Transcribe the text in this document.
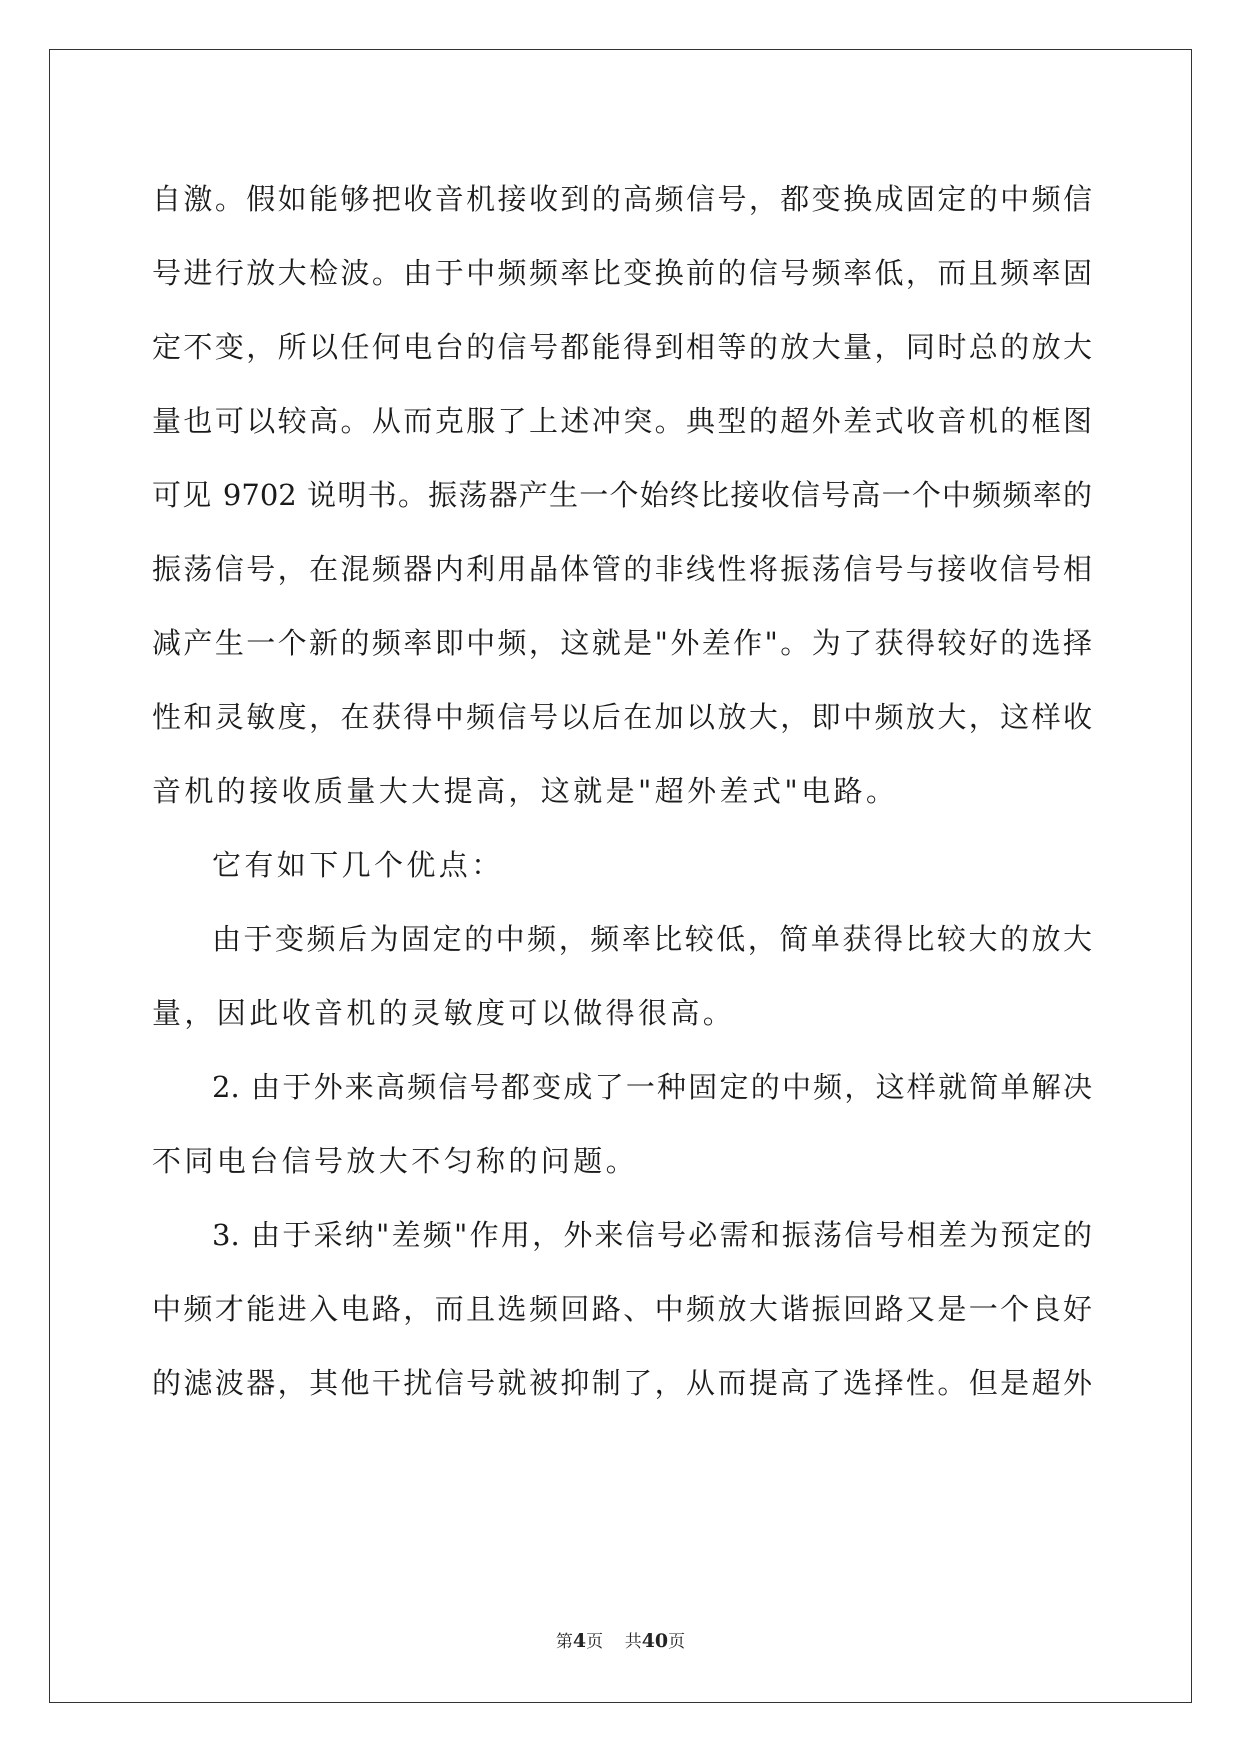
自激。假如能够把收音机接收到的高频信号，都变换成固定的中频信
号进行放大检波。由于中频频率比变换前的信号频率低，而且频率固
定不变，所以任何电台的信号都能得到相等的放大量，同时总的放大
量也可以较高。从而克服了上述冲突。典型的超外差式收音机的框图
可见 9702 说明书。振荡器产生一个始终比接收信号高一个中频频率的
振荡信号，在混频器内利用晶体管的非线性将振荡信号与接收信号相
减产生一个新的频率即中频，这就是"外差作"。为了获得较好的选择
性和灵敏度，在获得中频信号以后在加以放大，即中频放大，这样收
音机的接收质量大大提高，这就是"超外差式"电路。
它有如下几个优点：
由于变频后为固定的中频，频率比较低，简单获得比较大的放大
量，因此收音机的灵敏度可以做得很高。
2. 由于外来高频信号都变成了一种固定的中频，这样就简单解决
不同电台信号放大不匀称的问题。
3. 由于采纳"差频"作用，外来信号必需和振荡信号相差为预定的
中频才能进入电路，而且选频回路、中频放大谐振回路又是一个良好
的滤波器，其他干扰信号就被抑制了，从而提高了选择性。但是超外
第4页 共40页
